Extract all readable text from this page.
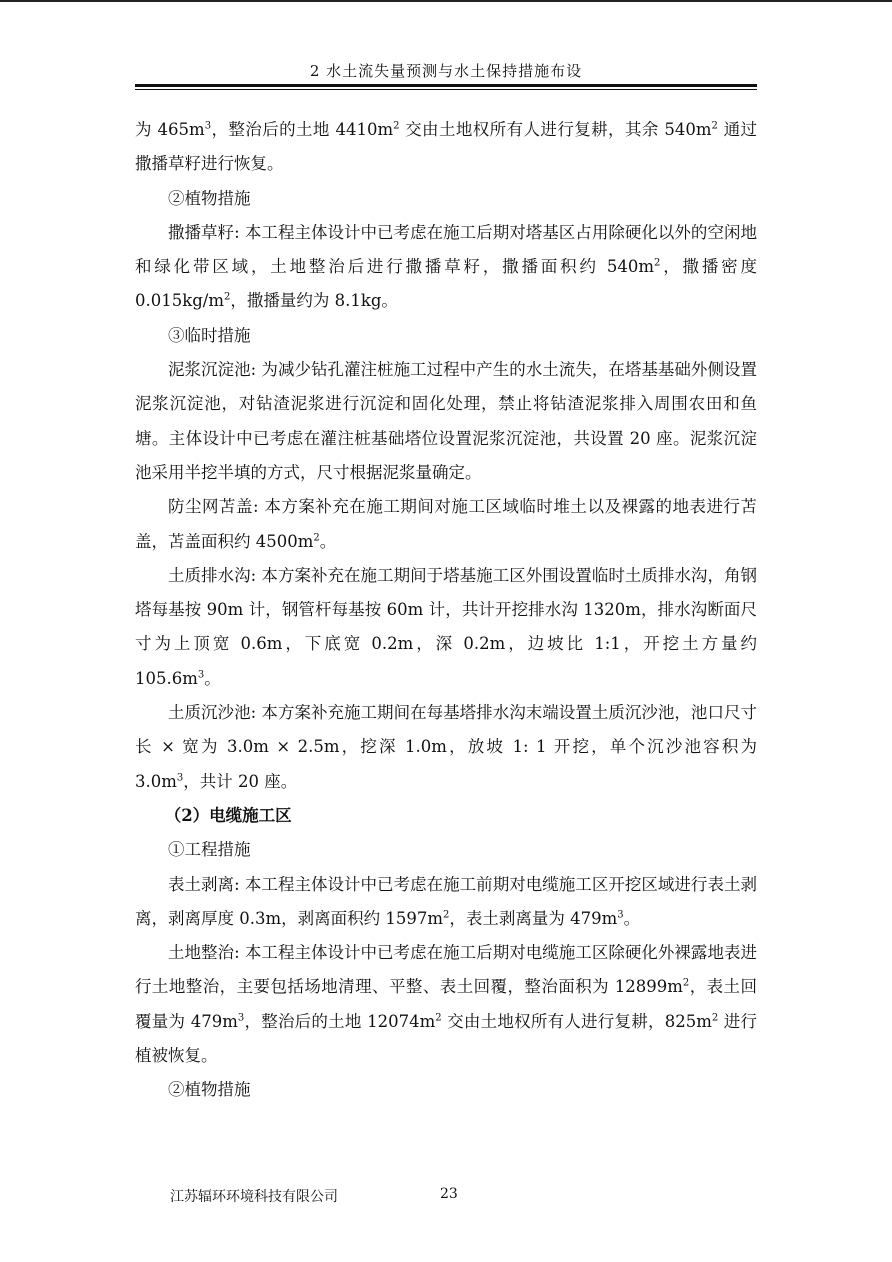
2 水土流失量预测与水土保持措施布设

为 $465m^3$，整治后的土地 $4410m^2$ 交由土地权所有人进行复耕，其余 $540m^2$ 通过撒播草籽进行恢复。

②植物措施

撒播草籽: 本工程主体设计中已考虑在施工后期对塔基区占用除硬化以外的空闲地和绿化带区域，土地整治后进行撒播草籽，撒播面积约 $540m^2$，撒播密度 $0.015kg/m^2$，撒播量约为 8.1kg。

③临时措施

泥浆沉淀池: 为减少钻孔灌注桩施工过程中产生的水土流失，在塔基基础外侧设置泥浆沉淀池，对钻渣泥浆进行沉淀和固化处理，禁止将钻渣泥浆排入周围农田和鱼塘。主体设计中已考虑在灌注桩基础塔位设置泥浆沉淀池，共设置 20 座。泥浆沉淀池采用半挖半填的方式，尺寸根据泥浆量确定。

防尘网苫盖: 本方案补充在施工期间对施工区域临时堆土以及裸露的地表进行苫盖，苫盖面积约 $4500m^2$。

土质排水沟: 本方案补充在施工期间于塔基施工区外围设置临时土质排水沟，角钢塔每基按 90m 计，钢管杆每基按 60m 计，共计开挖排水沟 1320m，排水沟断面尺寸为上顶宽 0.6m，下底宽 0.2m，深 0.2m，边坡比 1:1，开挖土方量约 $105.6m^3$。

土质沉沙池: 本方案补充施工期间在每基塔排水沟末端设置土质沉沙池，池口尺寸长 × 宽为 3.0m × 2.5m，挖深 1.0m，放坡 1: 1 开挖，单个沉沙池容积为 $3.0m^3$，共计 20 座。

（2）电缆施工区

①工程措施

表土剥离: 本工程主体设计中已考虑在施工前期对电缆施工区开挖区域进行表土剥离，剥离厚度 0.3m，剥离面积约 $1597m^2$，表土剥离量为 $479m^3$。

土地整治: 本工程主体设计中已考虑在施工后期对电缆施工区除硬化外裸露地表进行土地整治，主要包括场地清理、平整、表土回覆，整治面积为 $12899m^2$，表土回覆量为 $479m^3$，整治后的土地 $12074m^2$ 交由土地权所有人进行复耕，$825m^2$ 进行植被恢复。

②植物措施

江苏辐环环境科技有限公司	23
